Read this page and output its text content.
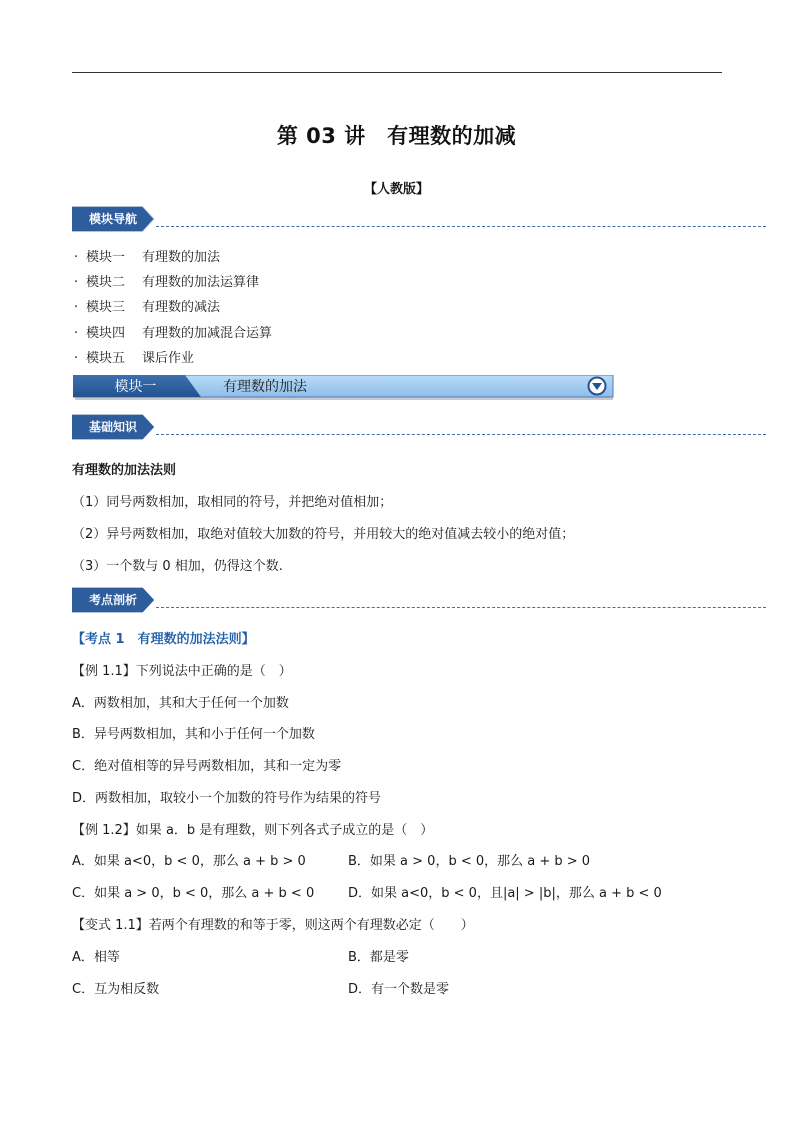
第 03 讲　有理数的加减
【人教版】
模块导航
· 模块一 有理数的加法
· 模块二 有理数的加法运算律
· 模块三 有理数的减法
· 模块四 有理数的加减混合运算
· 模块五 课后作业
模块一	有理数的加法
基础知识
有理数的加法法则
（1）同号两数相加，取相同的符号，并把绝对值相加；
（2）异号两数相加，取绝对值较大加数的符号，并用较大的绝对值减去较小的绝对值；
（3）一个数与 0 相加，仍得这个数.
考点剖析
【考点 1　有理数的加法法则】
【例 1.1】下列说法中正确的是（　）
A．两数相加，其和大于任何一个加数
B．异号两数相加，其和小于任何一个加数
C．绝对值相等的异号两数相加，其和一定为零
D．两数相加，取较小一个加数的符号作为结果的符号
【例 1.2】如果 a．b 是有理数，则下列各式子成立的是（　）
A．如果 a<0，b < 0，那么 a + b > 0	B．如果 a > 0，b < 0，那么 a + b > 0
C．如果 a > 0，b < 0，那么 a + b < 0	D．如果 a<0，b < 0，且|a| > |b|，那么 a + b < 0
【变式 1.1】若两个有理数的和等于零，则这两个有理数必定（　　）
A．相等	B．都是零
C．互为相反数	D．有一个数是零
